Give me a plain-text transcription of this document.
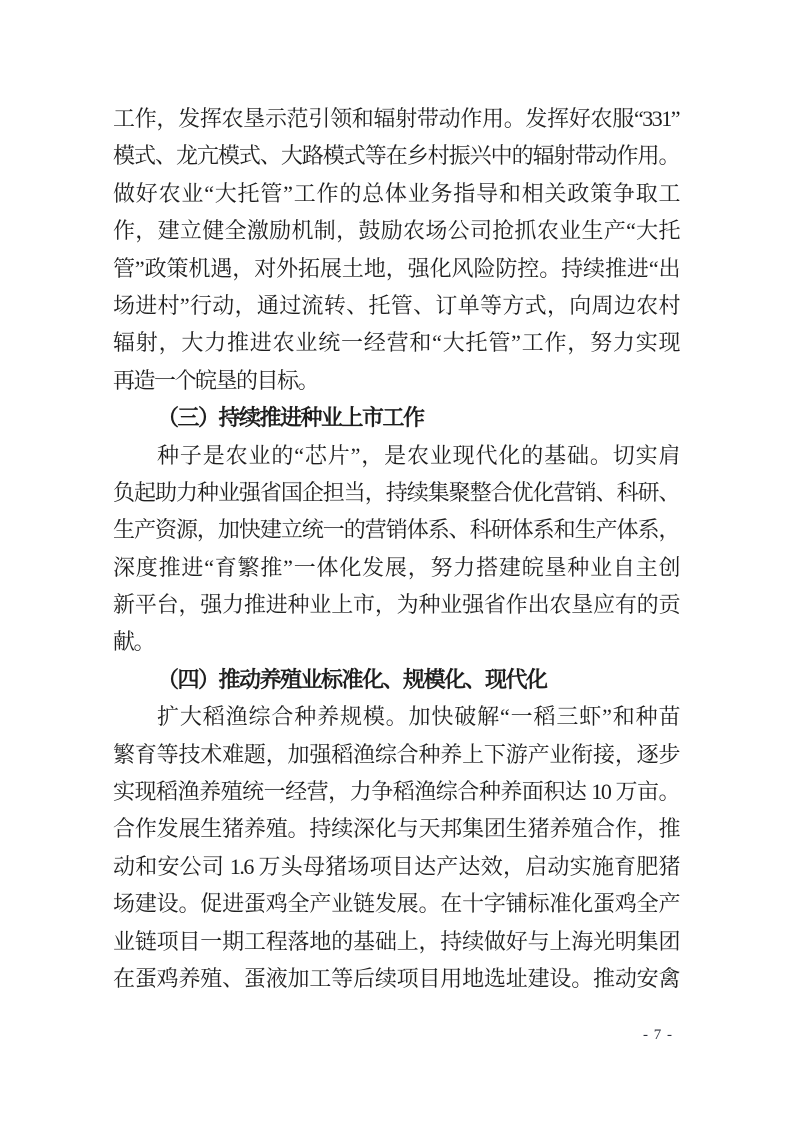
工作，发挥农垦示范引领和辐射带动作用。发挥好农服“331”
模式、龙亢模式、大路模式等在乡村振兴中的辐射带动作用。
做好农业“大托管”工作的总体业务指导和相关政策争取工
作，建立健全激励机制，鼓励农场公司抢抓农业生产“大托
管”政策机遇，对外拓展土地，强化风险防控。持续推进“出
场进村”行动，通过流转、托管、订单等方式，向周边农村
辐射，大力推进农业统一经营和“大托管”工作，努力实现
再造一个皖垦的目标。
（三）持续推进种业上市工作
种子是农业的“芯片”，是农业现代化的基础。切实肩
负起助力种业强省国企担当，持续集聚整合优化营销、科研、
生产资源，加快建立统一的营销体系、科研体系和生产体系，
深度推进“育繁推”一体化发展，努力搭建皖垦种业自主创
新平台，强力推进种业上市，为种业强省作出农垦应有的贡
献。
（四）推动养殖业标准化、规模化、现代化
扩大稻渔综合种养规模。加快破解“一稻三虾”和种苗
繁育等技术难题，加强稻渔综合种养上下游产业衔接，逐步
实现稻渔养殖统一经营，力争稻渔综合种养面积达 10 万亩。
合作发展生猪养殖。持续深化与天邦集团生猪养殖合作，推
动和安公司 1.6 万头母猪场项目达产达效，启动实施育肥猪
场建设。促进蛋鸡全产业链发展。在十字铺标准化蛋鸡全产
业链项目一期工程落地的基础上，持续做好与上海光明集团
在蛋鸡养殖、蛋液加工等后续项目用地选址建设。推动安禽
- 7 -
